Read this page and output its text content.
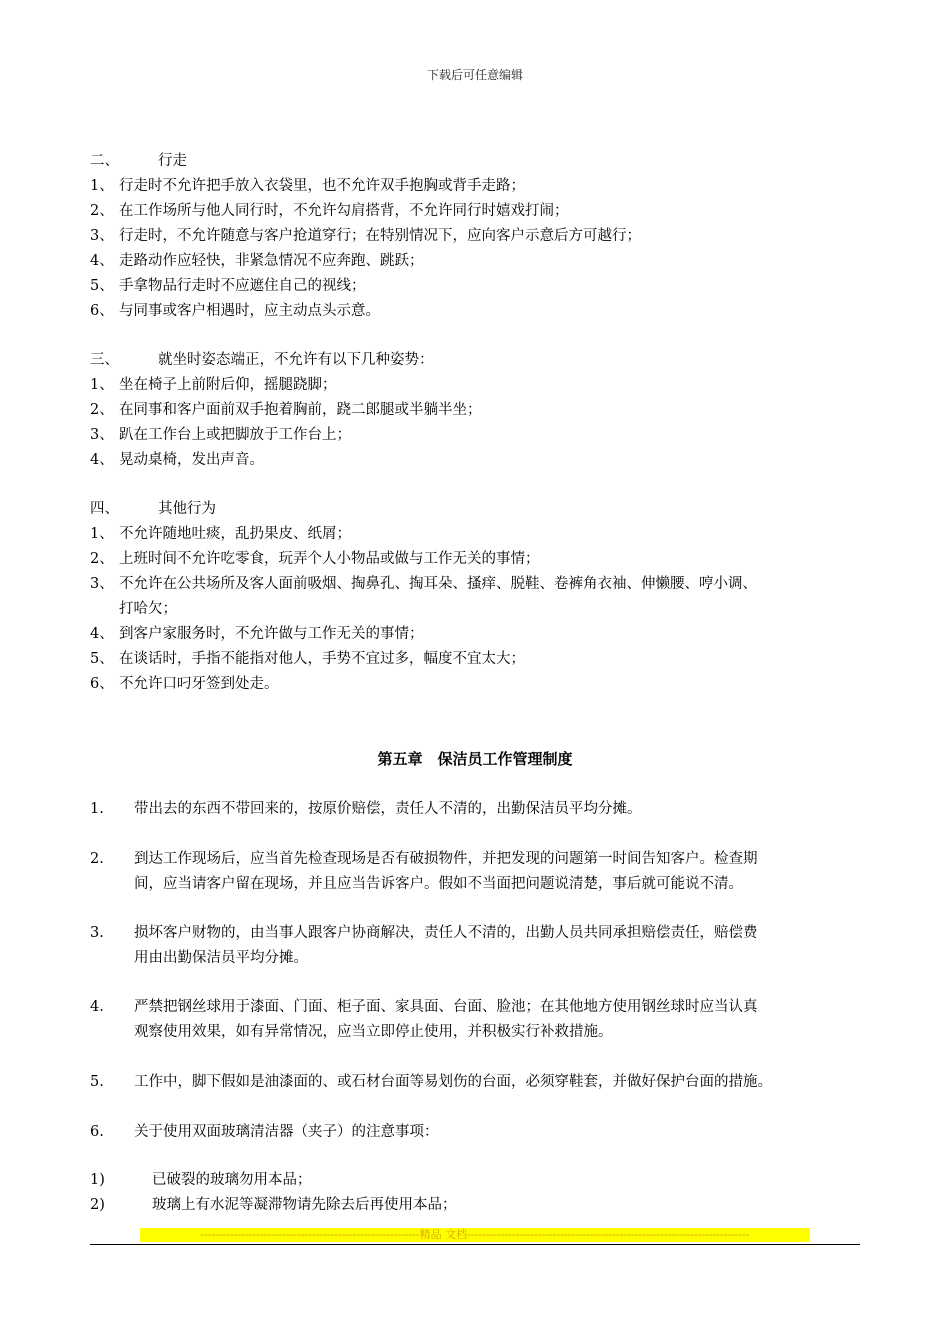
下载后可任意编辑
二、	行走
1、 行走时不允许把手放入衣袋里，也不允许双手抱胸或背手走路；
2、 在工作场所与他人同行时，不允许勾肩搭背，不允许同行时嬉戏打闹；
3、 行走时，不允许随意与客户抢道穿行；在特别情况下，应向客户示意后方可越行；
4、 走路动作应轻快，非紧急情况不应奔跑、跳跃；
5、 手拿物品行走时不应遮住自己的视线；
6、 与同事或客户相遇时，应主动点头示意。
三、	就坐时姿态端正，不允许有以下几种姿势：
1、 坐在椅子上前附后仰，摇腿跷脚；
2、 在同事和客户面前双手抱着胸前，跷二郎腿或半躺半坐；
3、 趴在工作台上或把脚放于工作台上；
4、 晃动桌椅，发出声音。
四、	其他行为
1、 不允许随地吐痰，乱扔果皮、纸屑；
2、 上班时间不允许吃零食，玩弄个人小物品或做与工作无关的事情；
3、 不允许在公共场所及客人面前吸烟、掏鼻孔、掏耳朵、搔痒、脱鞋、卷裤角衣袖、伸懒腰、哼小调、
打哈欠；
4、 到客户家服务时，不允许做与工作无关的事情；
5、 在谈话时，手指不能指对他人，手势不宜过多，幅度不宜太大；
6、 不允许口叼牙签到处走。
第五章　保洁员工作管理制度
1. 带出去的东西不带回来的，按原价赔偿，责任人不清的，出勤保洁员平均分摊。
2. 到达工作现场后，应当首先检查现场是否有破损物件，并把发现的问题第一时间告知客户。检查期
间，应当请客户留在现场，并且应当告诉客户。假如不当面把问题说清楚，事后就可能说不清。
3. 损坏客户财物的，由当事人跟客户协商解决，责任人不清的，出勤人员共同承担赔偿责任，赔偿费
用由出勤保洁员平均分摊。
4. 严禁把钢丝球用于漆面、门面、柜子面、家具面、台面、脸池；在其他地方使用钢丝球时应当认真
观察使用效果，如有异常情况，应当立即停止使用，并积极实行补救措施。
5. 工作中，脚下假如是油漆面的、或石材台面等易划伤的台面，必须穿鞋套，并做好保护台面的措施。
6. 关于使用双面玻璃清洁器（夹子）的注意事项：
1)	已破裂的玻璃勿用本品；
2)	玻璃上有水泥等凝滞物请先除去后再使用本品；
-----------------------------------------------------------精品 文档----------------------------------------------------------------------------
